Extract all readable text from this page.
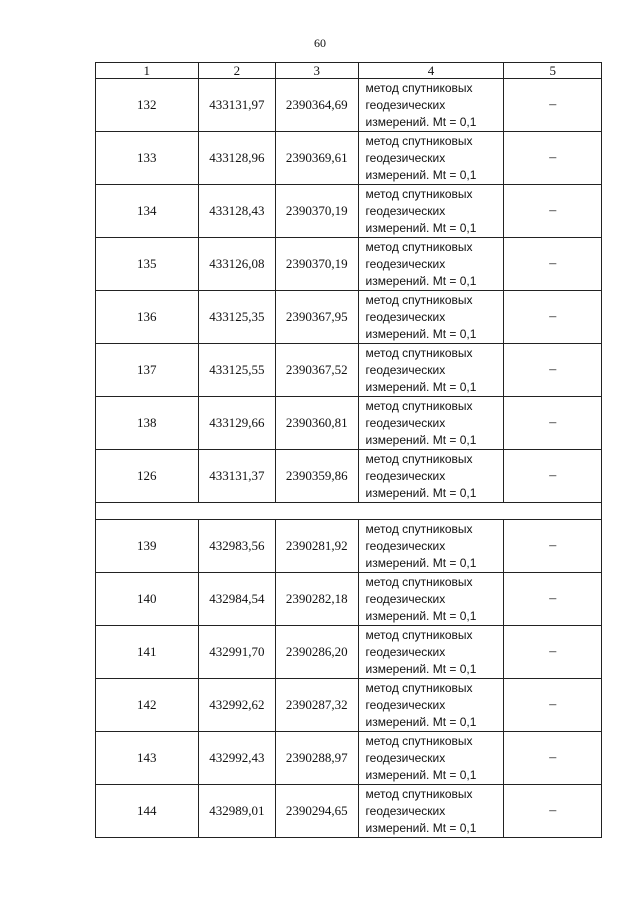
60
1	2	3	4	5
132	433131,97	2390364,69	метод спутниковых
геодезических
измерений. Mt = 0,1	–
133	433128,96	2390369,61	метод спутниковых
геодезических
измерений. Mt = 0,1	–
134	433128,43	2390370,19	метод спутниковых
геодезических
измерений. Mt = 0,1	–
135	433126,08	2390370,19	метод спутниковых
геодезических
измерений. Mt = 0,1	–
136	433125,35	2390367,95	метод спутниковых
геодезических
измерений. Mt = 0,1	–
137	433125,55	2390367,52	метод спутниковых
геодезических
измерений. Mt = 0,1	–
138	433129,66	2390360,81	метод спутниковых
геодезических
измерений. Mt = 0,1	–
126	433131,37	2390359,86	метод спутниковых
геодезических
измерений. Mt = 0,1	–

139	432983,56	2390281,92	метод спутниковых
геодезических
измерений. Mt = 0,1	–
140	432984,54	2390282,18	метод спутниковых
геодезических
измерений. Mt = 0,1	–
141	432991,70	2390286,20	метод спутниковых
геодезических
измерений. Mt = 0,1	–
142	432992,62	2390287,32	метод спутниковых
геодезических
измерений. Mt = 0,1	–
143	432992,43	2390288,97	метод спутниковых
геодезических
измерений. Mt = 0,1	–
144	432989,01	2390294,65	метод спутниковых
геодезических
измерений. Mt = 0,1	–
